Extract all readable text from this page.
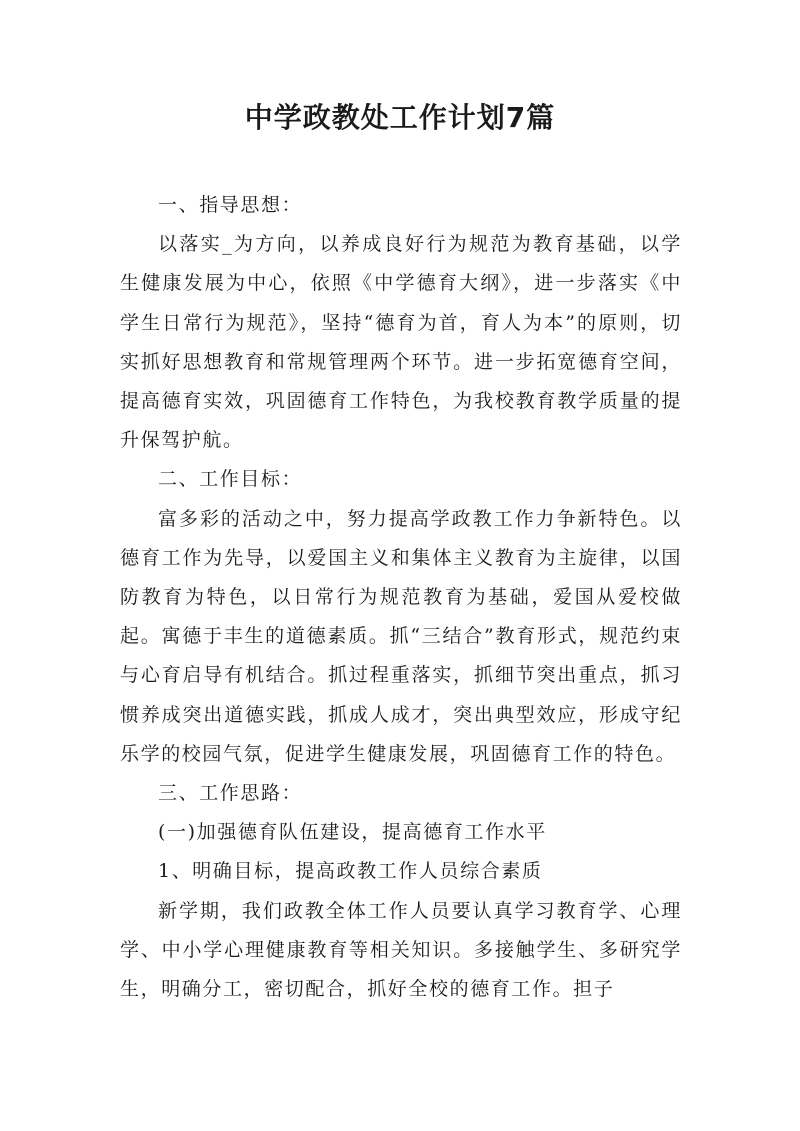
中学政教处工作计划7篇

一、指导思想：

以落实_为方向，以养成良好行为规范为教育基础，以学生健康发展为中心，依照《中学德育大纲》，进一步落实《中学生日常行为规范》，坚持“德育为首，育人为本”的原则，切实抓好思想教育和常规管理两个环节。进一步拓宽德育空间，提高德育实效，巩固德育工作特色，为我校教育教学质量的提升保驾护航。

二、工作目标：

富多彩的活动之中，努力提高学政教工作力争新特色。以德育工作为先导，以爱国主义和集体主义教育为主旋律，以国防教育为特色，以日常行为规范教育为基础，爱国从爱校做起。寓德于丰生的道德素质。抓“三结合”教育形式，规范约束与心育启导有机结合。抓过程重落实，抓细节突出重点，抓习惯养成突出道德实践，抓成人成才，突出典型效应，形成守纪乐学的校园气氛，促进学生健康发展，巩固德育工作的特色。

三、工作思路：

(一)加强德育队伍建设，提高德育工作水平

1、明确目标，提高政教工作人员综合素质

新学期，我们政教全体工作人员要认真学习教育学、心理学、中小学心理健康教育等相关知识。多接触学生、多研究学生，明确分工，密切配合，抓好全校的德育工作。担子
